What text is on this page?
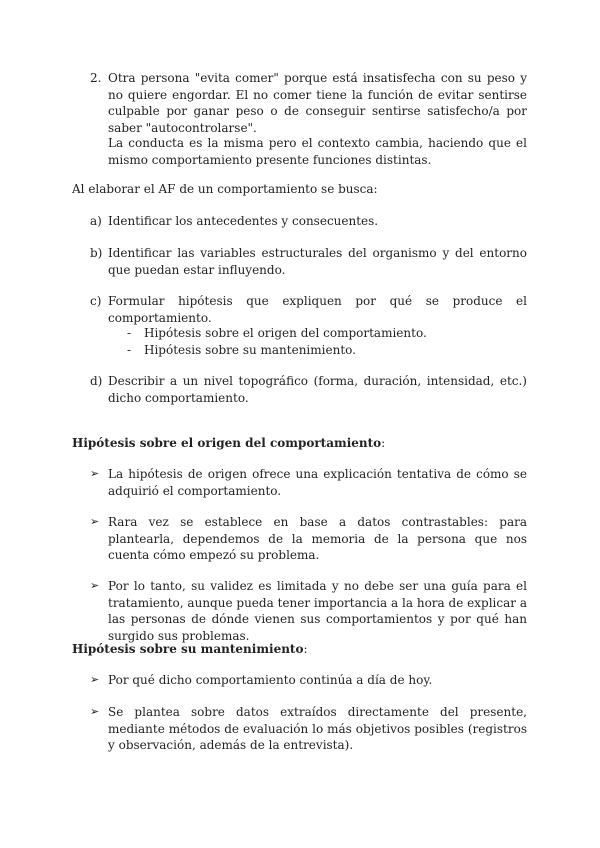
2. Otra persona "evita comer" porque está insatisfecha con su peso y no quiere engordar. El no comer tiene la función de evitar sentirse culpable por ganar peso o de conseguir sentirse satisfecho/a por saber "autocontrolarse".
La conducta es la misma pero el contexto cambia, haciendo que el mismo comportamiento presente funciones distintas.
Al elaborar el AF de un comportamiento se busca:
a) Identificar los antecedentes y consecuentes.
b) Identificar las variables estructurales del organismo y del entorno que puedan estar influyendo.
c) Formular hipótesis que expliquen por qué se produce el comportamiento.
- Hipótesis sobre el origen del comportamiento.
- Hipótesis sobre su mantenimiento.
d) Describir a un nivel topográfico (forma, duración, intensidad, etc.) dicho comportamiento.
Hipótesis sobre el origen del comportamiento:
➢ La hipótesis de origen ofrece una explicación tentativa de cómo se adquirió el comportamiento.
➢ Rara vez se establece en base a datos contrastables: para plantearla, dependemos de la memoria de la persona que nos cuenta cómo empezó su problema.
➢ Por lo tanto, su validez es limitada y no debe ser una guía para el tratamiento, aunque pueda tener importancia a la hora de explicar a las personas de dónde vienen sus comportamientos y por qué han surgido sus problemas.
Hipótesis sobre su mantenimiento:
➢ Por qué dicho comportamiento continúa a día de hoy.
➢ Se plantea sobre datos extraídos directamente del presente, mediante métodos de evaluación lo más objetivos posibles (registros y observación, además de la entrevista).
